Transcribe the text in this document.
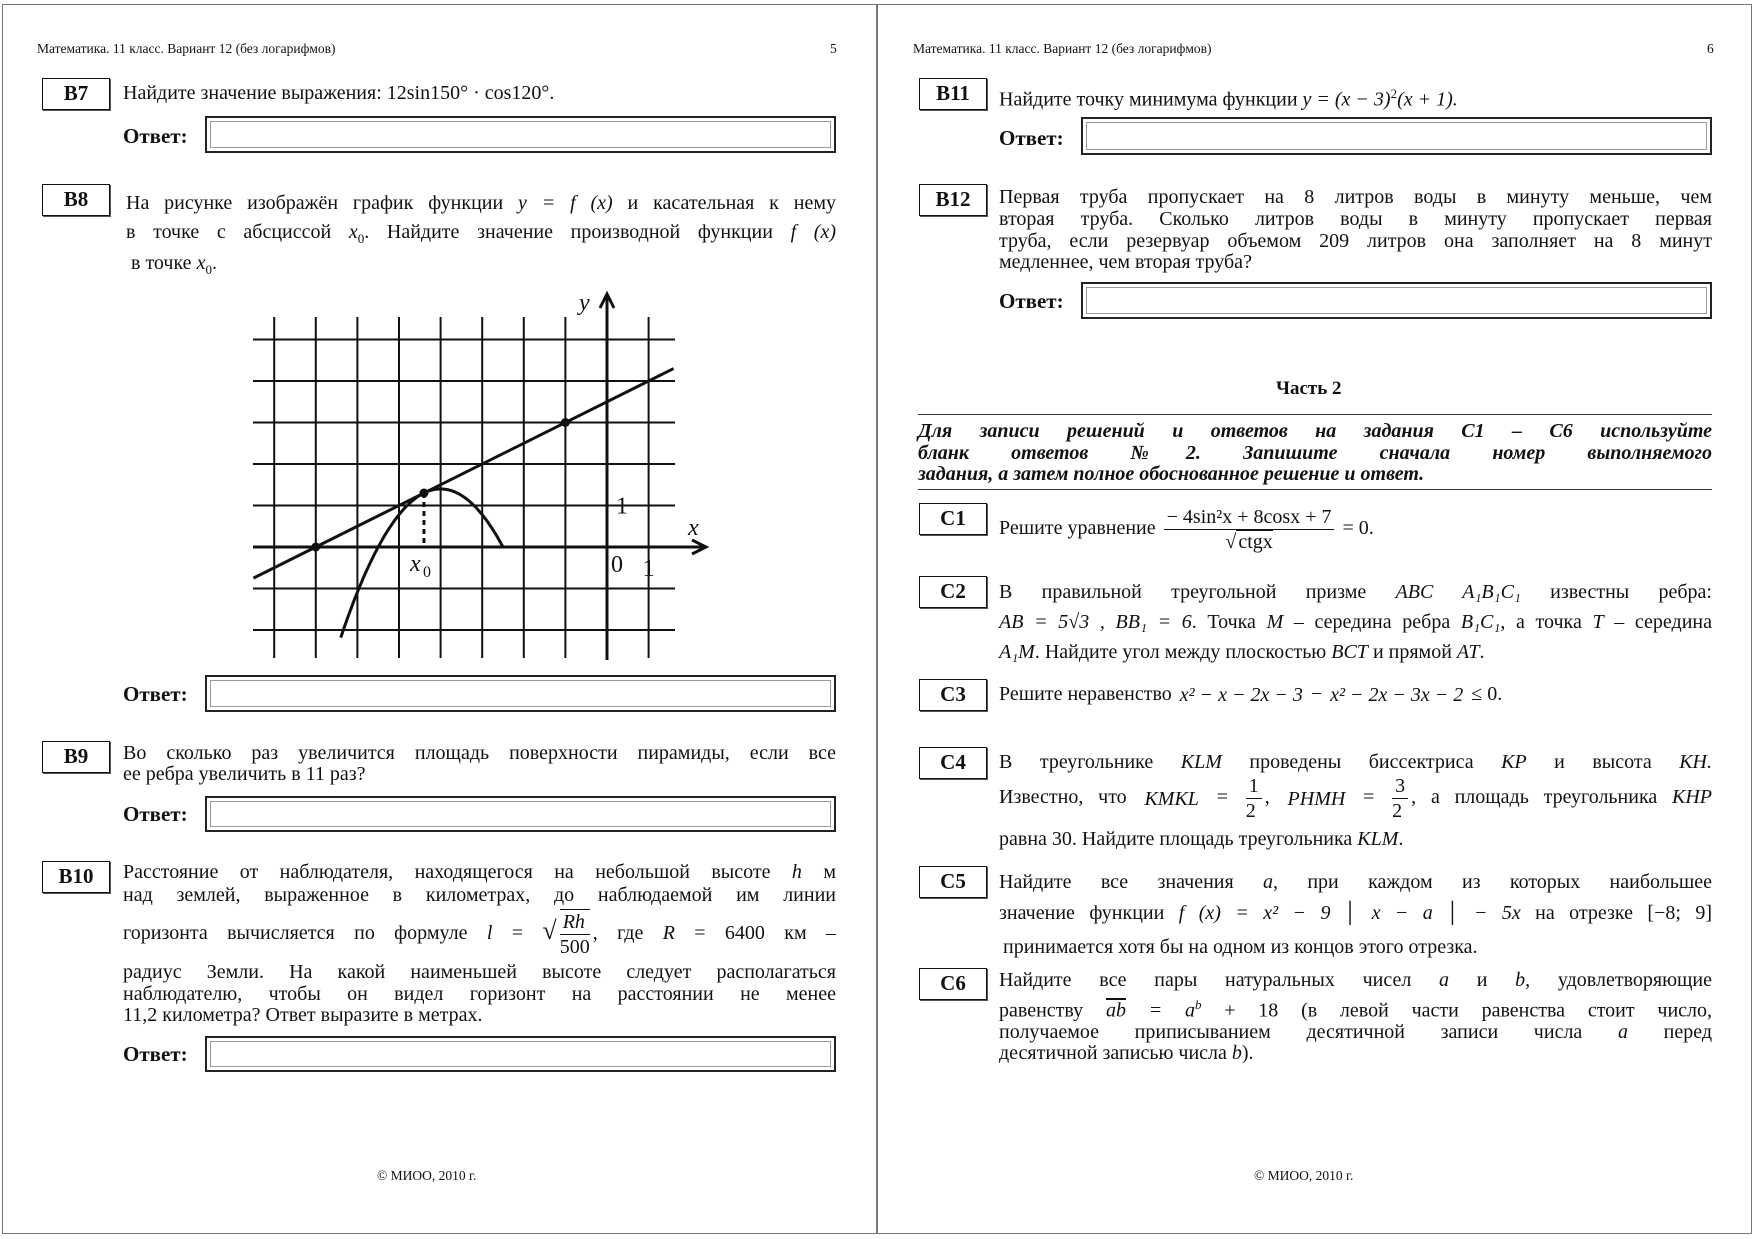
Математика. 11 класс. Вариант 12 (без логарифмов)	5
B7	Найдите значение выражения: 12sin150° · cos120°.
Ответ:
B8	На рисунке изображён график функции y = f (x) и касательная к нему
в точке с абсциссой $x_0$. Найдите значение производной функции f (x)
в точке $x_0$.
y
x
0 1
1
x 0
Ответ:
B9	Во сколько раз увеличится площадь поверхности пирамиды, если все
ее ребра увеличить в 11 раз?
Ответ:
B10	Расстояние от наблюдателя, находящегося на небольшой высоте h м
над землей, выраженное в километрах, до наблюдаемой им линии
горизонта вычисляется по формуле l = √ $\frac{Rh}{500}$ , где R = 6400 км –
радиус Земли. На какой наименьшей высоте следует располагаться
наблюдателю, чтобы он видел горизонт на расстоянии не менее
11,2 километра? Ответ выразите в метрах.
Ответ:
© МИОО, 2010 г.
Математика. 11 класс. Вариант 12 (без логарифмов)	6
B11	Найдите точку минимума функции $y = (x - 3)^2(x + 1)$.
Ответ:
B12	Первая труба пропускает на 8 литров воды в минуту меньше, чем
вторая труба. Сколько литров воды в минуту пропускает первая
труба, если резервуар объемом 209 литров она заполняет на 8 минут
медленнее, чем вторая труба?
Ответ:
Часть 2
Для записи решений и ответов на задания С1 – С6 используйте
бланк ответов №2. Запишите сначала номер выполняемого
задания, а затем полное обоснованное решение и ответ.
C1	Решите уравнение $\frac{\text{− 4sin²x + 8cosx + 7}}{\text{√ ctgx}} = 0$.
C2	В правильной треугольной призме ABC A₁B₁C₁ известны ребра:
AB = 5√3 , BB₁ = 6. Точка M – середина ребра B₁C₁, а точка T – середина
A₁M. Найдите угол между плоскостью BCT и прямой AT.
C3	Решите неравенство x² − x − 2x − 3 − x² − 2x − 3x − 2 ≤ 0.
C4	В треугольнике KLM проведены биссектриса KP и высота KH.
Известно, что KMKL = $\frac{1}{2}$ , PHMH = $\frac{3}{2}$ , а площадь треугольника KHP
равна 30. Найдите площадь треугольника KLM.
C5	Найдите все значения a, при каждом из которых наибольшее
значение функции f (x) = x² − 9 │ x − a │ − 5x на отрезке [−8; 9]
принимается хотя бы на одном из концов этого отрезка.
C6	Найдите все пары натуральных чисел a и b, удовлетворяющие
равенству $\overline{ab} = a^b + 18$ (в левой части равенства стоит число,
получаемое приписыванием десятичной записи числа a перед
десятичной записью числа b).
© МИОО, 2010 г.
